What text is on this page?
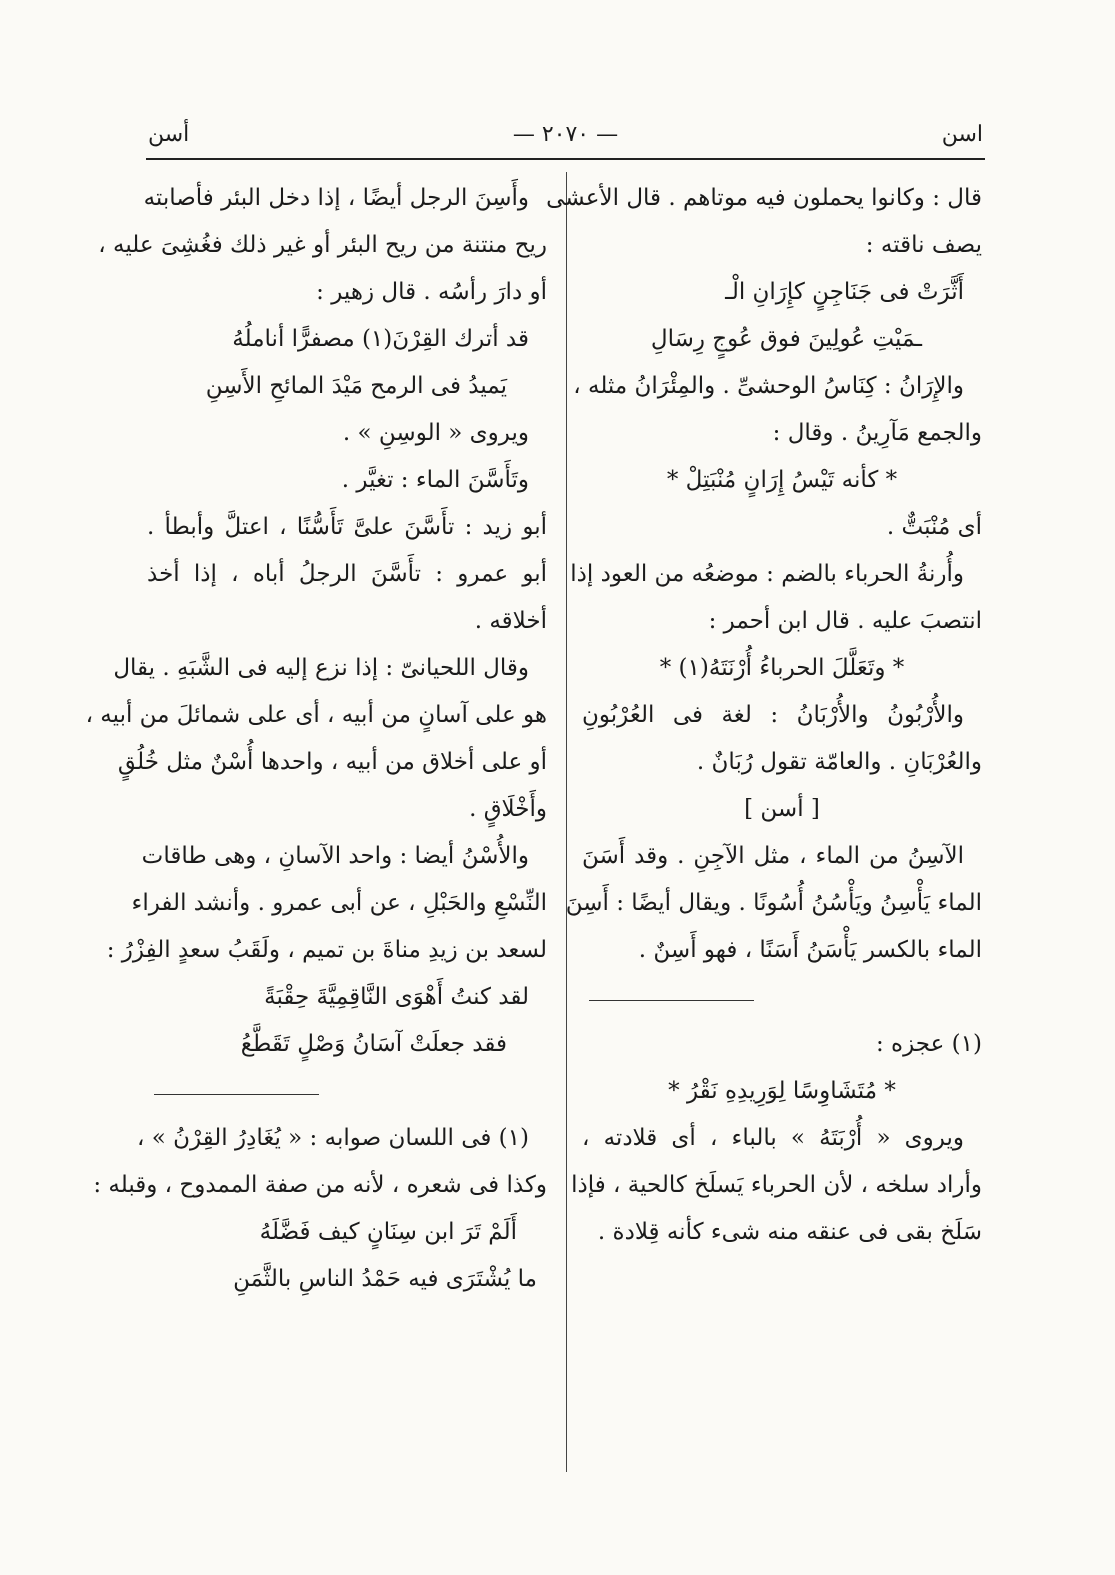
اسن
— ٢٠٧٠ —
أسن
قال : وكانوا يحملون فيه موتاهم . قال الأعشى
يصف ناقته :
أَثَّرَتْ فى جَنَاجِنٍ كإِرَانِ الْـ
ـمَيْتِ عُولِينَ فوق عُوجٍ رِسَالِ
والإِرَانُ : كِنَاسُ الوحشىِّ . والمِئْرَانُ مثله ،
والجمع مَآرِينُ . وقال :
* كأنه تَيْسُ إِرَانٍ مُنْبَتِلْ *
أى مُنْبَتٌّ .
وأُرنةُ الحرباء بالضم : موضعُه من العود إذا
انتصبَ عليه . قال ابن أحمر :
* وتَعَلَّلَ الحرباءُ أُرْنَتَهُ(١) *
والأُرْبُونُ والأُرْبَانُ : لغة فى العُرْبُونِ
والعُرْبَانِ . والعامّة تقول رُبَانٌ .
[ أسن ]
الآسِنُ من الماء ، مثل الآجِنِ . وقد أَسَنَ
الماء يَأْسِنُ ويَأْسُنُ أُسُونًا . ويقال أيضًا : أَسِنَ
الماء بالكسر يَأْسَنُ أَسَنًا ، فهو أَسِنٌ .
(١) عجزه :
* مُتَشَاوِسًا لِوَرِيدِهِ نَقْرُ *
ويروى « أُرْبَتَهُ » بالباء ، أى قلادته ،
وأراد سلخه ، لأن الحرباء يَسلَخ كالحية ، فإذا
سَلَخ بقى فى عنقه منه شىء كأنه قِلادة .
وأَسِنَ الرجل أيضًا ، إذا دخل البئر فأصابته
ريح منتنة من ريح البئر أو غير ذلك فغُشِىَ عليه ،
أو دارَ رأسُه . قال زهير :
قد أترك القِرْنَ(١) مصفرًّا أناملُهُ
يَميدُ فى الرمح مَيْدَ المائحِ الأَسِنِ
ويروى « الوسِنِ » .
وتَأَسَّنَ الماء : تغيَّر .
أبو زيد : تأَسَّنَ علىَّ تَأَسُّنًا ، اعتلَّ وأبطأ .
أبو عمرو : تأَسَّنَ الرجلُ أباه ، إذا أخذ
أخلاقه .
وقال اللحيانىّ : إذا نزع إليه فى الشَّبَهِ . يقال
هو على آسانٍ من أبيه ، أى على شمائلَ من أبيه ،
أو على أخلاق من أبيه ، واحدها أُسْنٌ مثل خُلُقٍ
وأَخْلَاقٍ .
والأُسْنُ أيضا : واحد الآسانِ ، وهى طاقات
النِّسْعِ والحَبْلِ ، عن أبى عمرو . وأنشد الفراء
لسعد بن زيدِ مناةَ بن تميم ، ولَقَبُ سعدٍ الفِزْرُ :
لقد كنتُ أَهْوَى النَّاقِمِيَّةَ حِقْبَةً
فقد جعلَتْ آسَانُ وَصْلٍ تَقَطَّعُ
(١) فى اللسان صوابه : « يُغَادِرُ القِرْنُ » ،
وكذا فى شعره ، لأنه من صفة الممدوح ، وقبله :
أَلَمْ تَرَ ابن سِنَانٍ كيف فَضَّلَهُ
ما يُشْتَرَى فيه حَمْدُ الناسِ بالثَّمَنِ
